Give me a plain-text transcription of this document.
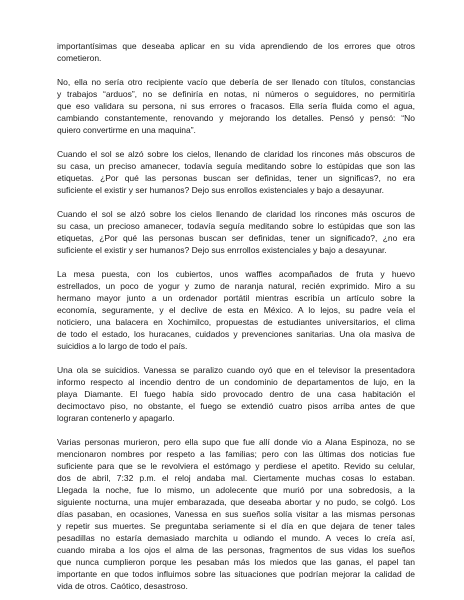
importantísimas que deseaba aplicar en su vida aprendiendo de los errores que otros
cometieron.
No, ella no sería otro recipiente vacío que debería de ser llenado con títulos, constancias
y trabajos “arduos”, no se definiría en notas, ni números o seguidores, no permitiría
que eso validara su persona, ni sus errores o fracasos. Ella sería fluida como el agua,
cambiando constantemente, renovando y mejorando los detalles. Pensó y pensó: “No
quiero convertirme en una maquina”.
Cuando el sol se alzó sobre los cielos, llenando de claridad los rincones más obscuros de
su casa, un preciso amanecer, todavía seguía meditando sobre lo estúpidas que son las
etiquetas. ¿Por qué las personas buscan ser definidas, tener un significas?, no era
suficiente el existir y ser humanos? Dejo sus enrollos existenciales y bajo a desayunar.
Cuando el sol se alzó sobre los cielos llenando de claridad los rincones más oscuros de
su casa, un precioso amanecer, todavía seguía meditando sobre lo estúpidas que son las
etiquetas, ¿Por qué las personas buscan ser definidas, tener un significado?, ¿no era
suficiente el existir y ser humanos? Dejo sus enrrollos existenciales y bajo a desayunar.
La mesa puesta, con los cubiertos, unos waffles acompañados de fruta y huevo
estrellados, un poco de yogur y zumo de naranja natural, recién exprimido. Miro a su
hermano mayor junto a un ordenador portátil mientras escribía un artículo sobre la
economía, seguramente, y el declive de esta en México. A lo lejos, su padre veía el
noticiero, una balacera en Xochimilco, propuestas de estudiantes universitarios, el clima
de todo el estado, los huracanes, cuidados y prevenciones sanitarias. Una ola masiva de
suicidios a lo largo de todo el país.
Una ola se suicidios. Vanessa se paralizo cuando oyó que en el televisor la presentadora
informo respecto al incendio dentro de un condominio de departamentos de lujo, en la
playa Diamante. El fuego había sido provocado dentro de una casa habitación el
decimoctavo piso, no obstante, el fuego se extendió cuatro pisos arriba antes de que
lograran contenerlo y apagarlo.
Varias personas murieron, pero ella supo que fue allí donde vio a Alana Espinoza, no se
mencionaron nombres por respeto a las familias; pero con las últimas dos noticias fue
suficiente para que se le revolviera el estómago y perdiese el apetito. Revido su celular,
dos de abril, 7:32 p.m. el reloj andaba mal. Ciertamente muchas cosas lo estaban.
Llegada la noche, fue lo mismo, un adolecente que murió por una sobredosis, a la
siguiente nocturna, una mujer embarazada, que deseaba abortar y no pudo, se colgó. Los
días pasaban, en ocasiones, Vanessa en sus sueños solía visitar a las mismas personas
y repetir sus muertes. Se preguntaba seriamente si el día en que dejara de tener tales
pesadillas no estaría demasiado marchita u odiando el mundo. A veces lo creía así,
cuando miraba a los ojos el alma de las personas, fragmentos de sus vidas los sueños
que nunca cumplieron porque les pesaban más los miedos que las ganas, el papel tan
importante en que todos influimos sobre las situaciones que podrían mejorar la calidad de
vida de otros. Caótico, desastroso.
